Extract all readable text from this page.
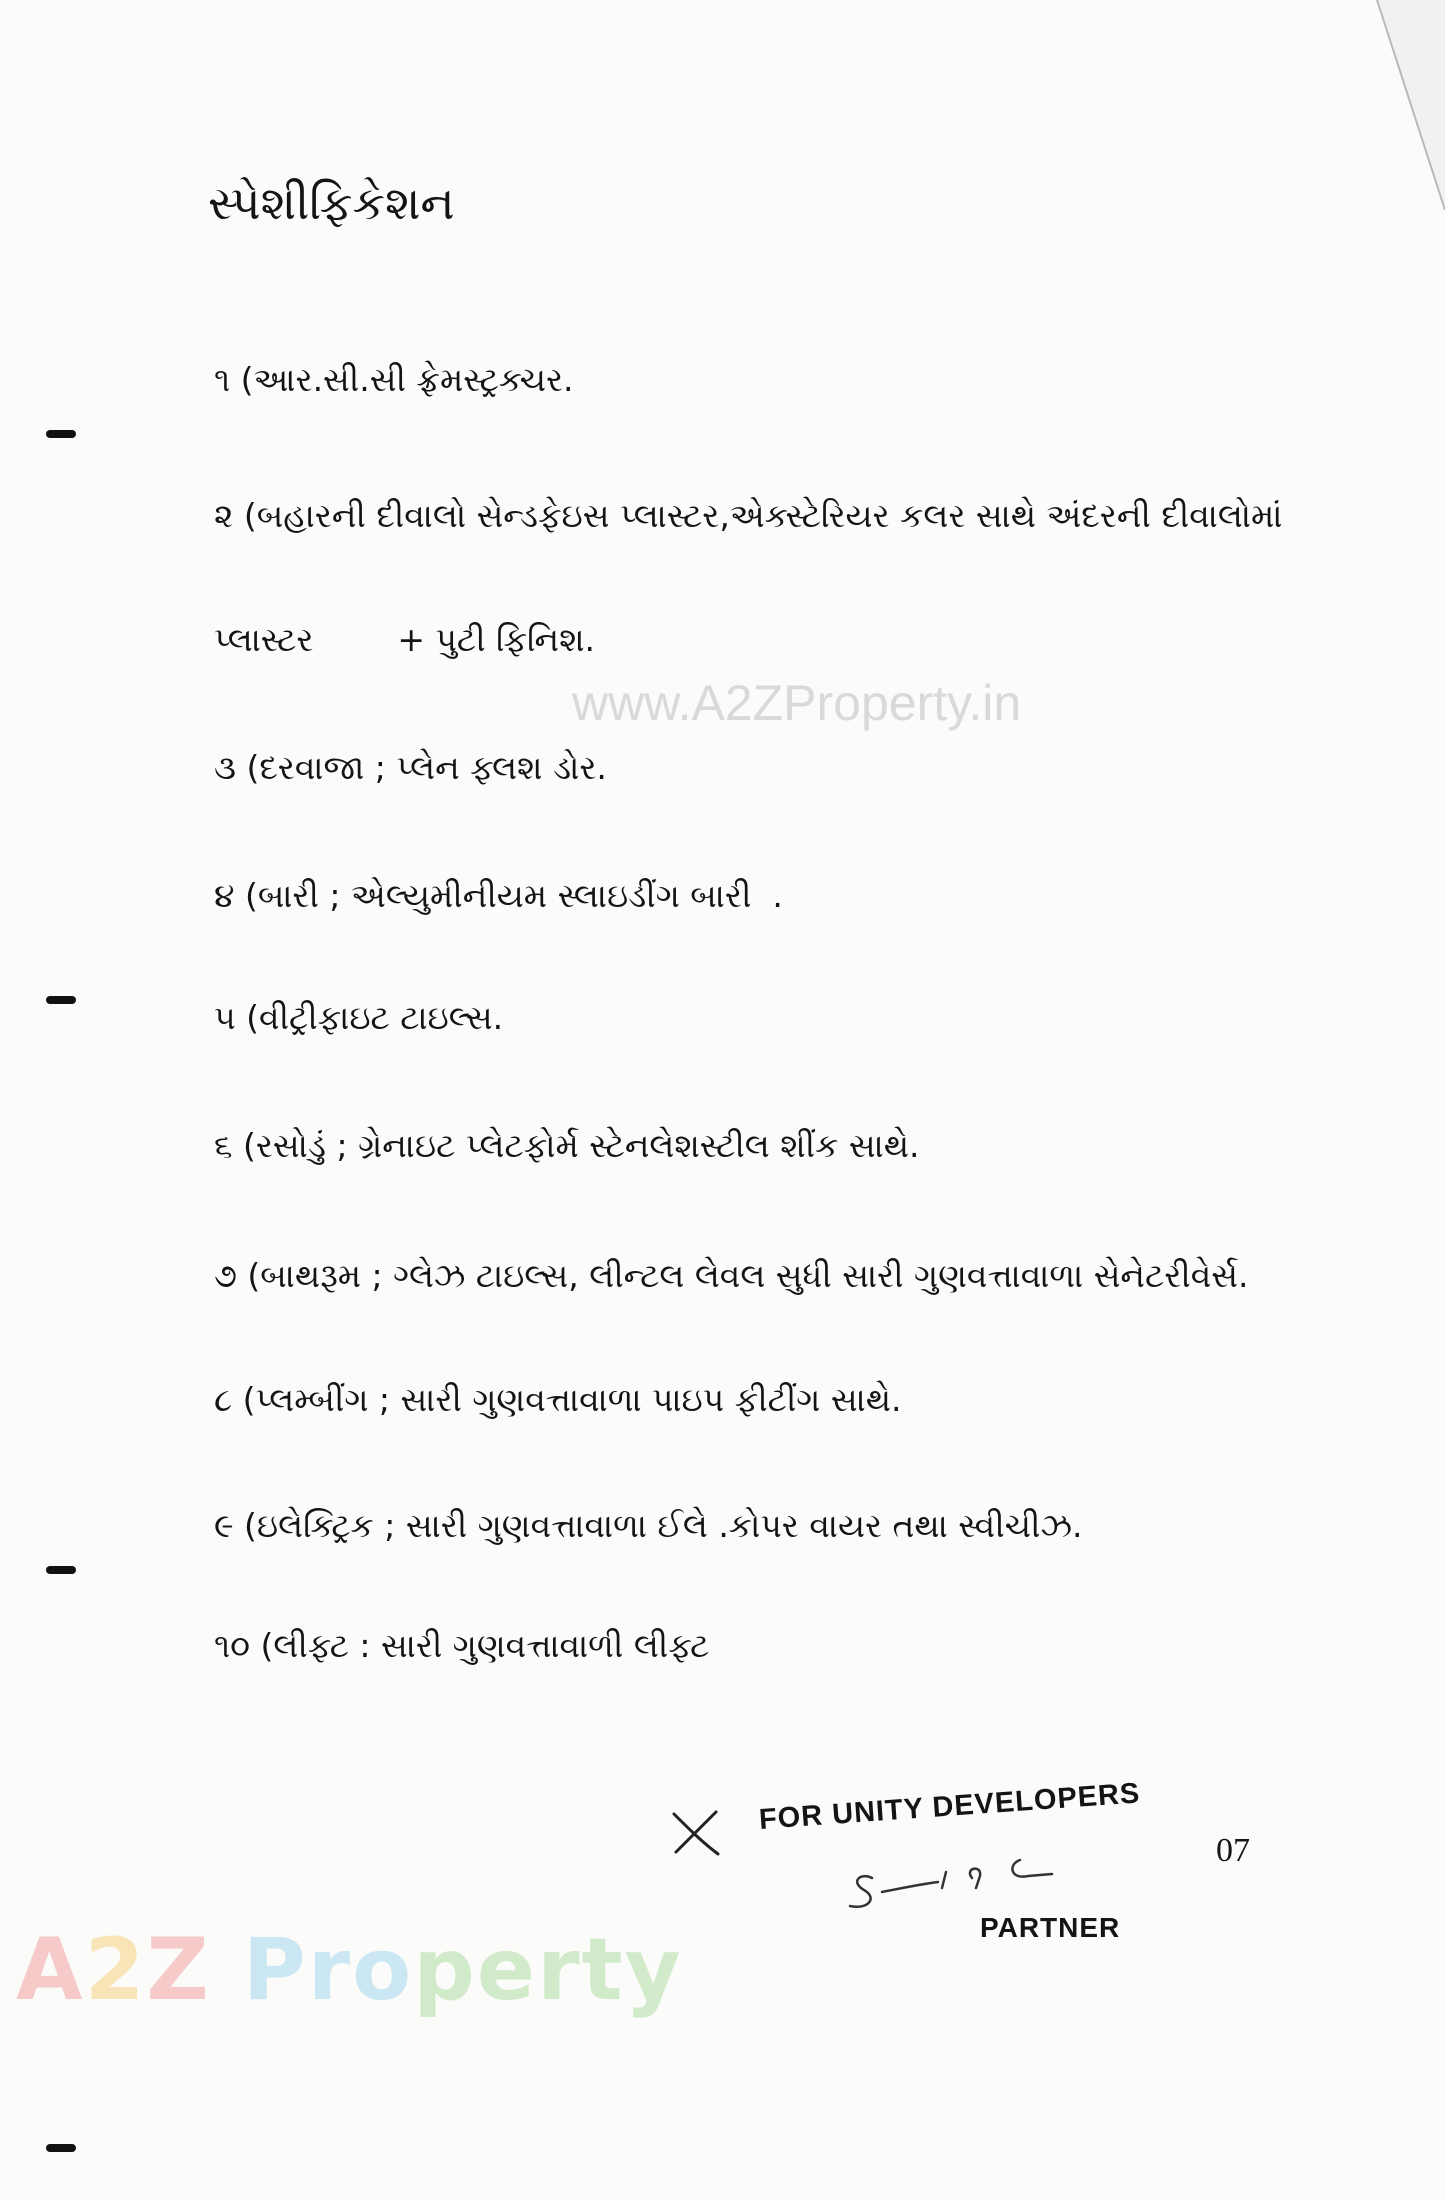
સ્પેશીફિકેશન
૧ (આર.સી.સી ફ્રેમસ્ટ્રક્ચર.
૨ (બહારની દીવાલો સેન્ડફેઇસ પ્લાસ્ટર,એક્સ્ટેરિયર કલર સાથે અંદરની દીવાલોમાં
પ્લાસ્ટર        + પુટી ફિનિશ.
www.A2ZProperty.in
૩ (દરવાજા ; પ્લેન ફ્લશ ડોર.
૪ (બારી ; એલ્યુમીનીયમ સ્લાઇડીંગ બારી  .
૫ (વીટ્રીફાઇટ ટાઇલ્સ.
૬ (રસોડું ; ગ્રેનાઇટ પ્લેટફોર્મ સ્ટેનલેશસ્ટીલ શીંક સાથે.
૭ (બાથરૂમ ; ગ્લેઝ ટાઇલ્સ, લીન્ટલ લેવલ સુધી સારી ગુણવત્તાવાળા સેનેટરીવેર્સ.
૮ (પ્લમ્બીંગ ; સારી ગુણવત્તાવાળા પાઇપ ફીટીંગ સાથે.
૯ (ઇલેક્ટ્રિક ; સારી ગુણવત્તાવાળા ઈલે .કોપર વાયર તથા સ્વીચીઝ.
૧૦ (લીફ્ટ : સારી ગુણવત્તાવાળી લીફ્ટ
FOR UNITY DEVELOPERS
PARTNER
07
A2Z Property
